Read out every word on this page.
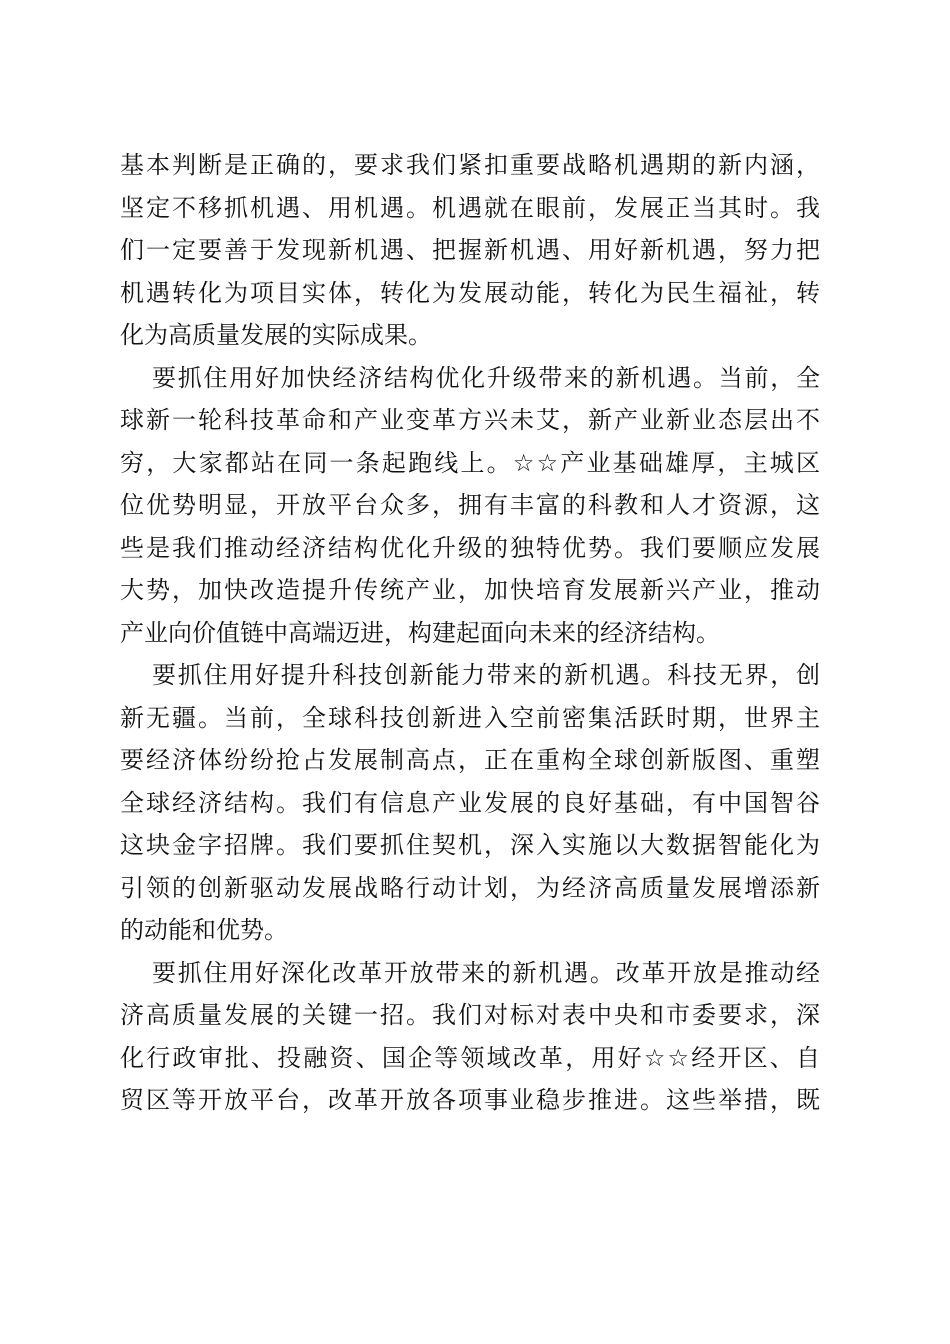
基本判断是正确的，要求我们紧扣重要战略机遇期的新内涵，
坚定不移抓机遇、用机遇。机遇就在眼前，发展正当其时。我
们一定要善于发现新机遇、把握新机遇、用好新机遇，努力把
机遇转化为项目实体，转化为发展动能，转化为民生福祉，转
化为高质量发展的实际成果。
要抓住用好加快经济结构优化升级带来的新机遇。当前，全
球新一轮科技革命和产业变革方兴未艾，新产业新业态层出不
穷，大家都站在同一条起跑线上。☆☆产业基础雄厚，主城区
位优势明显，开放平台众多，拥有丰富的科教和人才资源，这
些是我们推动经济结构优化升级的独特优势。我们要顺应发展
大势，加快改造提升传统产业，加快培育发展新兴产业，推动
产业向价值链中高端迈进，构建起面向未来的经济结构。
要抓住用好提升科技创新能力带来的新机遇。科技无界，创
新无疆。当前，全球科技创新进入空前密集活跃时期，世界主
要经济体纷纷抢占发展制高点，正在重构全球创新版图、重塑
全球经济结构。我们有信息产业发展的良好基础，有中国智谷
这块金字招牌。我们要抓住契机，深入实施以大数据智能化为
引领的创新驱动发展战略行动计划，为经济高质量发展增添新
的动能和优势。
要抓住用好深化改革开放带来的新机遇。改革开放是推动经
济高质量发展的关键一招。我们对标对表中央和市委要求，深
化行政审批、投融资、国企等领域改革，用好☆☆经开区、自
贸区等开放平台，改革开放各项事业稳步推进。这些举措，既
